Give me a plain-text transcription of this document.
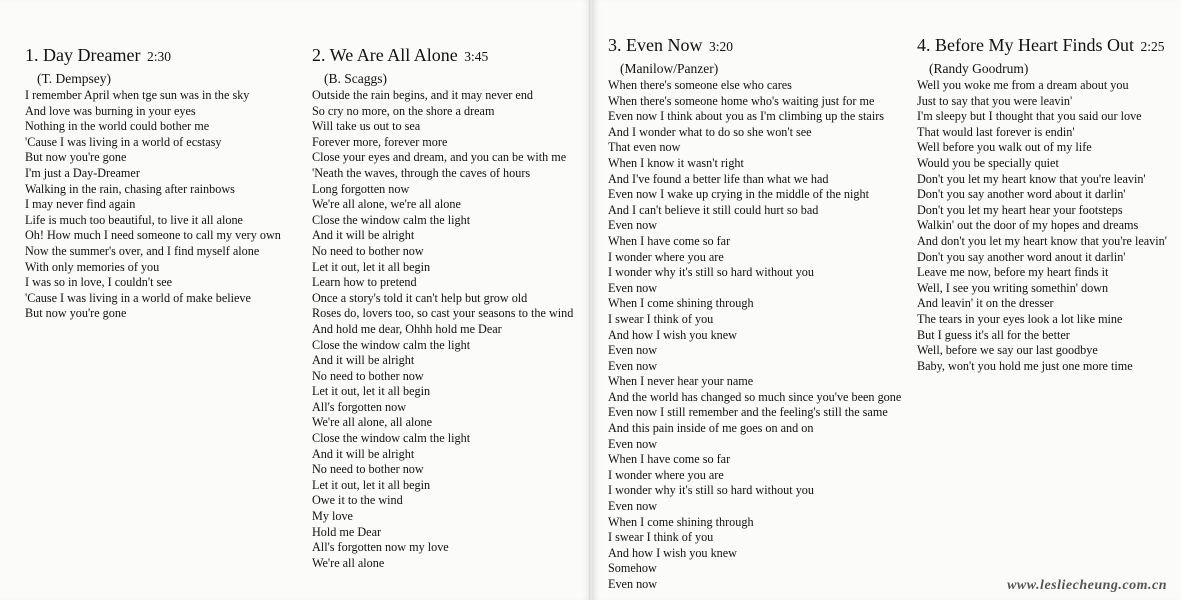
1. Day Dreamer 2:30
(T. Dempsey)
I remember April when tge sun was in the sky
And love was burning in your eyes
Nothing in the world could bother me
'Cause I was living in a world of ecstasy
But now you're gone
I'm just a Day-Dreamer
Walking in the rain, chasing after rainbows
I may never find again
Life is much too beautiful, to live it all alone
Oh! How much I need someone to call my very own
Now the summer's over, and I find myself alone
With only memories of you
I was so in love, I couldn't see
'Cause I was living in a world of make believe
But now you're gone
2. We Are All Alone 3:45
(B. Scaggs)
Outside the rain begins, and it may never end
So cry no more, on the shore a dream
Will take us out to sea
Forever more, forever more
Close your eyes and dream, and you can be with me
'Neath the waves, through the caves of hours
Long forgotten now
We're all alone, we're all alone
Close the window calm the light
And it will be alright
No need to bother now
Let it out, let it all begin
Learn how to pretend
Once a story's told it can't help but grow old
Roses do, lovers too, so cast your seasons to the wind
And hold me dear, Ohhh hold me Dear
Close the window calm the light
And it will be alright
No need to bother now
Let it out, let it all begin
All's forgotten now
We're all alone, all alone
Close the window calm the light
And it will be alright
No need to bother now
Let it out, let it all begin
Owe it to the wind
My love
Hold me Dear
All's forgotten now my love
We're all alone
3. Even Now 3:20
(Manilow/Panzer)
When there's someone else who cares
When there's someone home who's waiting just for me
Even now I think about you as I'm climbing up the stairs
And I wonder what to do so she won't see
That even now
When I know it wasn't right
And I've found a better life than what we had
Even now I wake up crying in the middle of the night
And I can't believe it still could hurt so bad
Even now
When I have come so far
I wonder where you are
I wonder why it's still so hard without you
Even now
When I come shining through
I swear I think of you
And how I wish you knew
Even now
Even now
When I never hear your name
And the world has changed so much since you've been gone
Even now I still remember and the feeling's still the same
And this pain inside of me goes on and on
Even now
When I have come so far
I wonder where you are
I wonder why it's still so hard without you
Even now
When I come shining through
I swear I think of you
And how I wish you knew
Somehow
Even now
4. Before My Heart Finds Out 2:25
(Randy Goodrum)
Well you woke me from a dream about you
Just to say that you were leavin'
I'm sleepy but I thought that you said our love
That would last forever is endin'
Well before you walk out of my life
Would you be specially quiet
Don't you let my heart know that you're leavin'
Don't you say another word about it darlin'
Don't you let my heart hear your footsteps
Walkin' out the door of my hopes and dreams
And don't you let my heart know that you're leavin'
Don't you say another word anout it darlin'
Leave me now, before my heart finds it
Well, I see you writing somethin' down
And leavin' it on the dresser
The tears in your eyes look a lot like mine
But I guess it's all for the better
Well, before we say our last goodbye
Baby, won't you hold me just one more time
www.lesliecheung.com.cn
